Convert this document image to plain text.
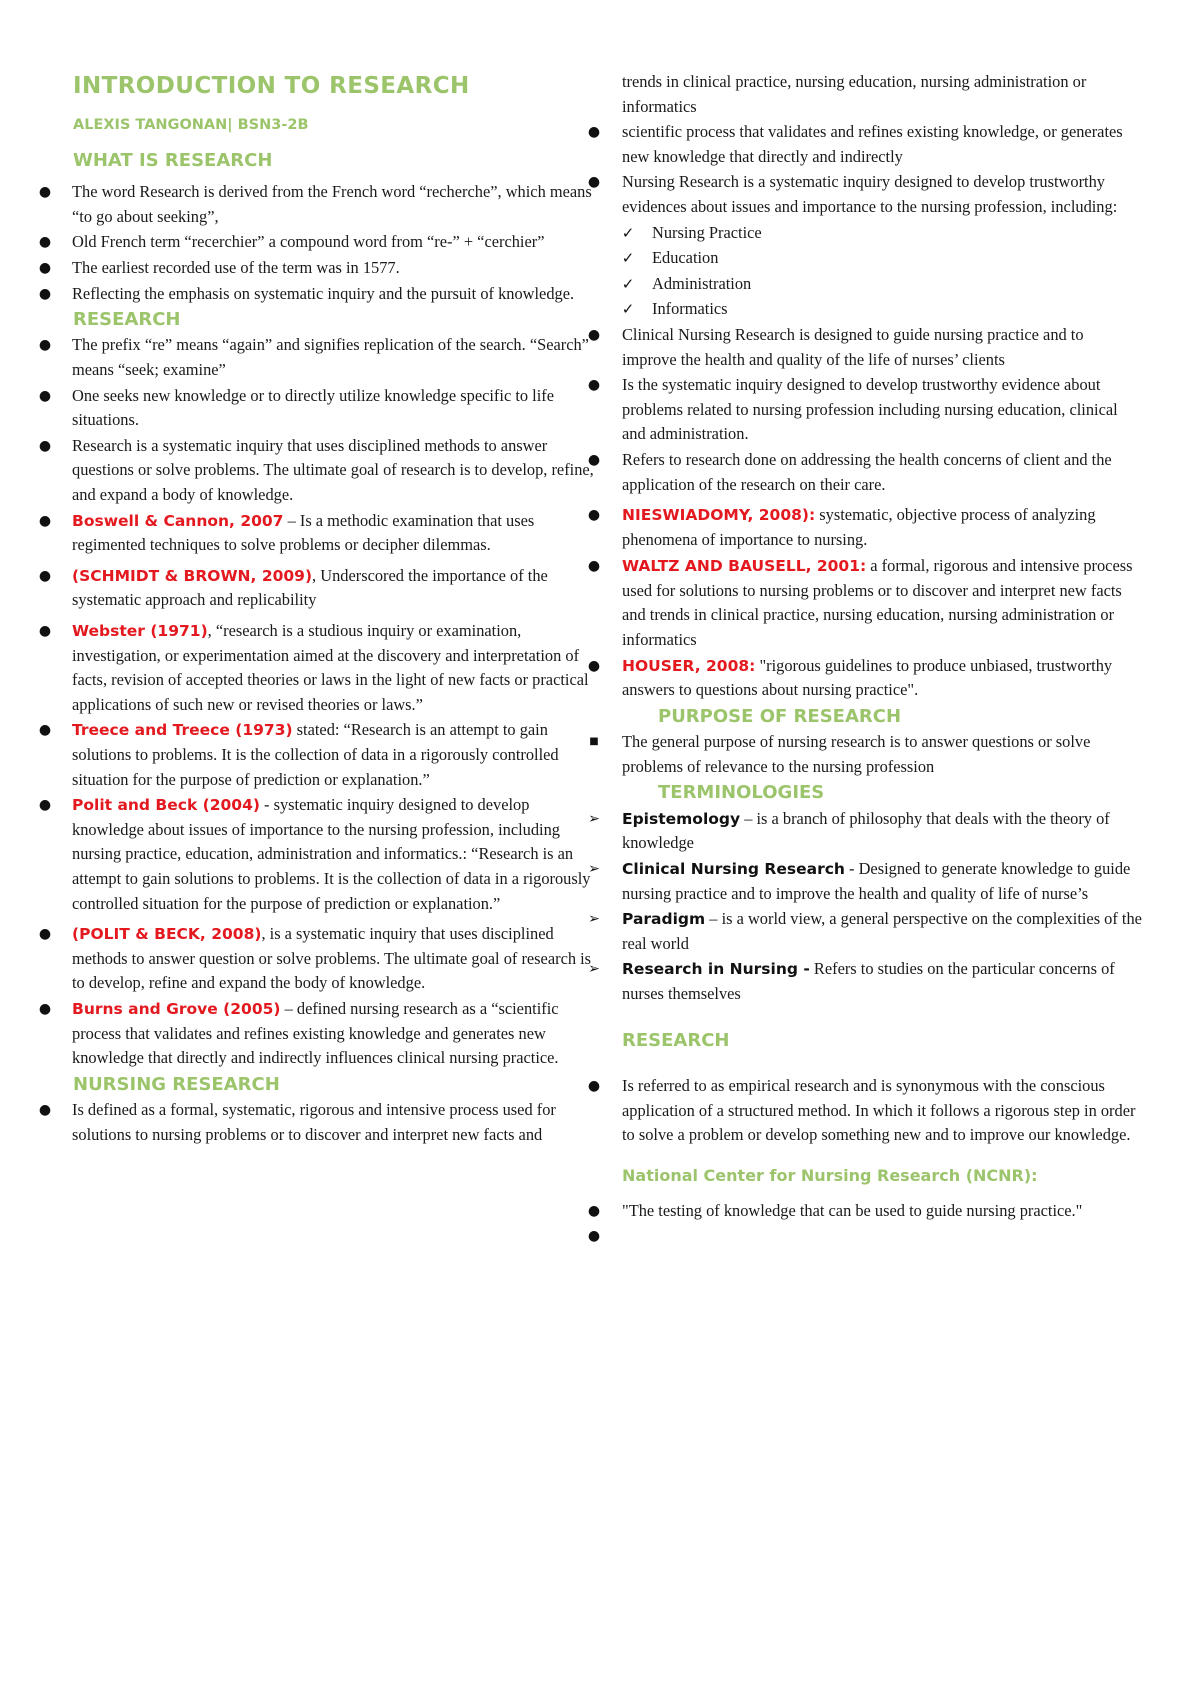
INTRODUCTION TO RESEARCH
ALEXIS TANGONAN| BSN3-2B
WHAT IS RESEARCH
● The word Research is derived from the French word “recherche”, which means “to go about seeking”,
● Old French term “recerchier” a compound word from “re-” + “cerchier”
● The earliest recorded use of the term was in 1577.
● Reflecting the emphasis on systematic inquiry and the pursuit of knowledge.
RESEARCH
● The prefix “re” means “again” and signifies replication of the search. “Search” means “seek; examine”
● One seeks new knowledge or to directly utilize knowledge specific to life situations.
● Research is a systematic inquiry that uses disciplined methods to answer questions or solve problems. The ultimate goal of research is to develop, refine, and expand a body of knowledge.
● Boswell & Cannon, 2007 – Is a methodic examination that uses regimented techniques to solve problems or decipher dilemmas.
● (SCHMIDT & BROWN, 2009), Underscored the importance of the systematic approach and replicability
● Webster (1971), “research is a studious inquiry or examination, investigation, or experimentation aimed at the discovery and interpretation of facts, revision of accepted theories or laws in the light of new facts or practical applications of such new or revised theories or laws.”
● Treece and Treece (1973) stated: “Research is an attempt to gain solutions to problems. It is the collection of data in a rigorously controlled situation for the purpose of prediction or explanation.”
● Polit and Beck (2004) - systematic inquiry designed to develop knowledge about issues of importance to the nursing profession, including nursing practice, education, administration and informatics.: “Research is an attempt to gain solutions to problems. It is the collection of data in a rigorously controlled situation for the purpose of prediction or explanation.”
● (POLIT & BECK, 2008), is a systematic inquiry that uses disciplined methods to answer question or solve problems. The ultimate goal of research is to develop, refine and expand the body of knowledge.
● Burns and Grove (2005) – defined nursing research as a “scientific process that validates and refines existing knowledge and generates new knowledge that directly and indirectly influences clinical nursing practice.
NURSING RESEARCH
● Is defined as a formal, systematic, rigorous and intensive process used for solutions to nursing problems or to discover and interpret new facts and
trends in clinical practice, nursing education, nursing administration or informatics
● scientific process that validates and refines existing knowledge, or generates new knowledge that directly and indirectly
● Nursing Research is a systematic inquiry designed to develop trustworthy evidences about issues and importance to the nursing profession, including:
✓ Nursing Practice
✓ Education
✓ Administration
✓ Informatics
● Clinical Nursing Research is designed to guide nursing practice and to improve the health and quality of the life of nurses’ clients
● Is the systematic inquiry designed to develop trustworthy evidence about problems related to nursing profession including nursing education, clinical and administration.
● Refers to research done on addressing the health concerns of client and the application of the research on their care.
● NIESWIADOMY, 2008): systematic, objective process of analyzing phenomena of importance to nursing.
● WALTZ AND BAUSELL, 2001: a formal, rigorous and intensive process used for solutions to nursing problems or to discover and interpret new facts and trends in clinical practice, nursing education, nursing administration or informatics
● HOUSER, 2008: "rigorous guidelines to produce unbiased, trustworthy answers to questions about nursing practice".
PURPOSE OF RESEARCH
■	The general purpose of nursing research is to answer questions or solve problems of relevance to the nursing profession
TERMINOLOGIES
➢ Epistemology – is a branch of philosophy that deals with the theory of knowledge
➢ Clinical Nursing Research - Designed to generate knowledge to guide nursing practice and to improve the health and quality of life of nurse’s
➢ Paradigm – is a world view, a general perspective on the complexities of the real world
➢ Research in Nursing - Refers to studies on the particular concerns of nurses themselves
RESEARCH
● Is referred to as empirical research and is synonymous with the conscious application of a structured method. In which it follows a rigorous step in order to solve a problem or develop something new and to improve our knowledge.
National Center for Nursing Research (NCNR):
● "The testing of knowledge that can be used to guide nursing practice."
●
